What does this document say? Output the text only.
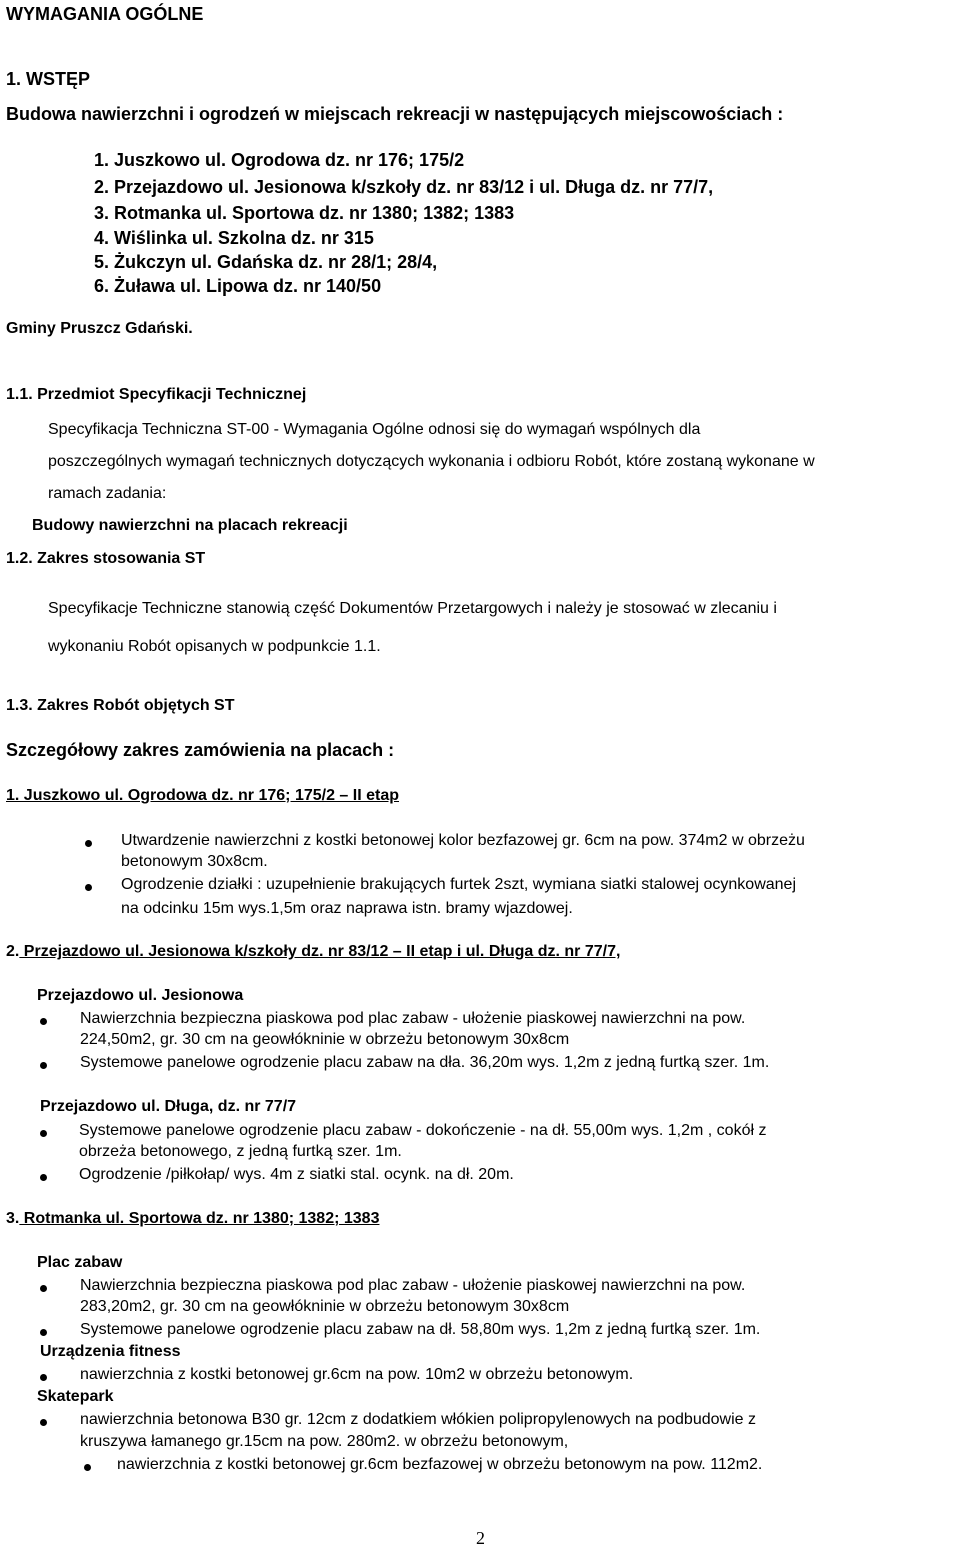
WYMAGANIA OGÓLNE
1. WSTĘP
Budowa nawierzchni i ogrodzeń w miejscach rekreacji w następujących miejscowościach :
1. Juszkowo ul. Ogrodowa dz. nr 176; 175/2
2. Przejazdowo ul. Jesionowa k/szkoły dz. nr 83/12 i ul. Długa dz. nr 77/7,
3. Rotmanka ul. Sportowa dz. nr 1380; 1382; 1383
4. Wiślinka ul. Szkolna dz. nr 315
5. Żukczyn ul. Gdańska dz. nr 28/1; 28/4,
6. Żuława ul. Lipowa dz. nr 140/50
Gminy Pruszcz Gdański.
1.1. Przedmiot Specyfikacji Technicznej
Specyfikacja Techniczna ST-00 - Wymagania Ogólne odnosi się do wymagań wspólnych dla
poszczególnych wymagań technicznych dotyczących wykonania i odbioru Robót, które zostaną wykonane w
ramach zadania:
Budowy nawierzchni na placach rekreacji
1.2. Zakres stosowania ST
Specyfikacje Techniczne stanowią część Dokumentów Przetargowych i należy je stosować w zlecaniu i
wykonaniu Robót opisanych w podpunkcie 1.1.
1.3. Zakres Robót objętych ST
Szczegółowy zakres zamówienia na placach :
1. Juszkowo ul. Ogrodowa dz. nr 176; 175/2 – II etap
Utwardzenie nawierzchni z kostki betonowej kolor bezfazowej gr. 6cm na pow. 374m2 w obrzeżu
betonowym 30x8cm.
Ogrodzenie działki : uzupełnienie brakujących furtek 2szt, wymiana siatki stalowej ocynkowanej
na odcinku 15m wys.1,5m oraz naprawa istn. bramy wjazdowej.
2. Przejazdowo ul. Jesionowa k/szkoły dz. nr 83/12 – II etap i ul. Długa dz. nr 77/7,
Przejazdowo ul. Jesionowa
Nawierzchnia bezpieczna piaskowa pod plac zabaw - ułożenie piaskowej nawierzchni na pow.
224,50m2, gr. 30 cm na geowłókninie w obrzeżu betonowym 30x8cm
Systemowe panelowe ogrodzenie placu zabaw na dła. 36,20m wys. 1,2m z jedną furtką szer. 1m.
Przejazdowo ul. Długa, dz. nr 77/7
Systemowe panelowe ogrodzenie placu zabaw - dokończenie - na dł. 55,00m wys. 1,2m , cokół z
obrzeża betonowego, z jedną furtką szer. 1m.
Ogrodzenie /piłkołap/ wys. 4m z siatki stal. ocynk. na dł. 20m.
3. Rotmanka ul. Sportowa dz. nr 1380; 1382; 1383
Plac zabaw
Nawierzchnia bezpieczna piaskowa pod plac zabaw - ułożenie piaskowej nawierzchni na pow.
283,20m2, gr. 30 cm na geowłókninie w obrzeżu betonowym 30x8cm
Systemowe panelowe ogrodzenie placu zabaw na dł. 58,80m wys. 1,2m z jedną furtką szer. 1m.
Urządzenia fitness
nawierzchnia z kostki betonowej gr.6cm na pow. 10m2 w obrzeżu betonowym.
Skatepark
nawierzchnia betonowa B30 gr. 12cm z dodatkiem włókien polipropylenowych na podbudowie z
kruszywa łamanego gr.15cm na pow. 280m2. w obrzeżu betonowym,
nawierzchnia z kostki betonowej gr.6cm bezfazowej w obrzeżu betonowym na pow. 112m2.
2
